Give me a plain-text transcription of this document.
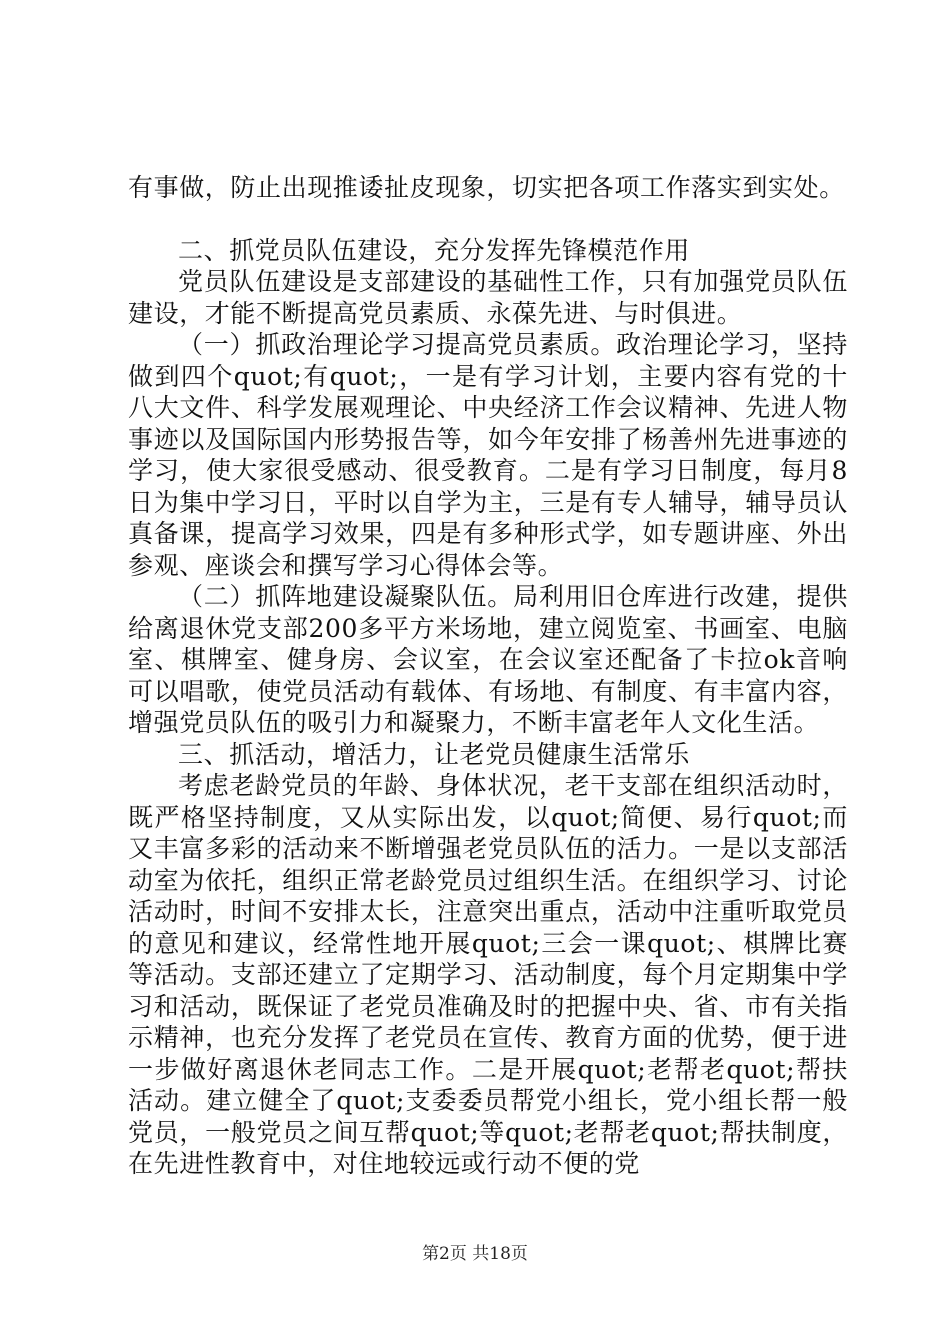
有事做，防止出现推诿扯皮现象，切实把各项工作落实到实处。

二、抓党员队伍建设，充分发挥先锋模范作用

党员队伍建设是支部建设的基础性工作，只有加强党员队伍建设，才能不断提高党员素质、永葆先进、与时俱进。

（一）抓政治理论学习提高党员素质。政治理论学习，坚持做到四个quot;有quot;，一是有学习计划，主要内容有党的十八大文件、科学发展观理论、中央经济工作会议精神、先进人物事迹以及国际国内形势报告等，如今年安排了杨善州先进事迹的学习，使大家很受感动、很受教育。二是有学习日制度，每月8日为集中学习日，平时以自学为主，三是有专人辅导，辅导员认真备课，提高学习效果，四是有多种形式学，如专题讲座、外出参观、座谈会和撰写学习心得体会等。

（二）抓阵地建设凝聚队伍。局利用旧仓库进行改建，提供给离退休党支部200多平方米场地，建立阅览室、书画室、电脑室、棋牌室、健身房、会议室，在会议室还配备了卡拉ok音响可以唱歌，使党员活动有载体、有场地、有制度、有丰富内容，增强党员队伍的吸引力和凝聚力，不断丰富老年人文化生活。

三、抓活动，增活力，让老党员健康生活常乐

考虑老龄党员的年龄、身体状况，老干支部在组织活动时，既严格坚持制度，又从实际出发，以quot;简便、易行quot;而又丰富多彩的活动来不断增强老党员队伍的活力。一是以支部活动室为依托，组织正常老龄党员过组织生活。在组织学习、讨论活动时，时间不安排太长，注意突出重点，活动中注重听取党员的意见和建议，经常性地开展quot;三会一课quot;、棋牌比赛等活动。支部还建立了定期学习、活动制度，每个月定期集中学习和活动，既保证了老党员准确及时的把握中央、省、市有关指示精神，也充分发挥了老党员在宣传、教育方面的优势，便于进一步做好离退休老同志工作。二是开展quot;老帮老quot;帮扶活动。建立健全了quot;支委委员帮党小组长，党小组长帮一般党员，一般党员之间互帮quot;等quot;老帮老quot;帮扶制度，在先进性教育中，对住地较远或行动不便的党

第2页 共18页
